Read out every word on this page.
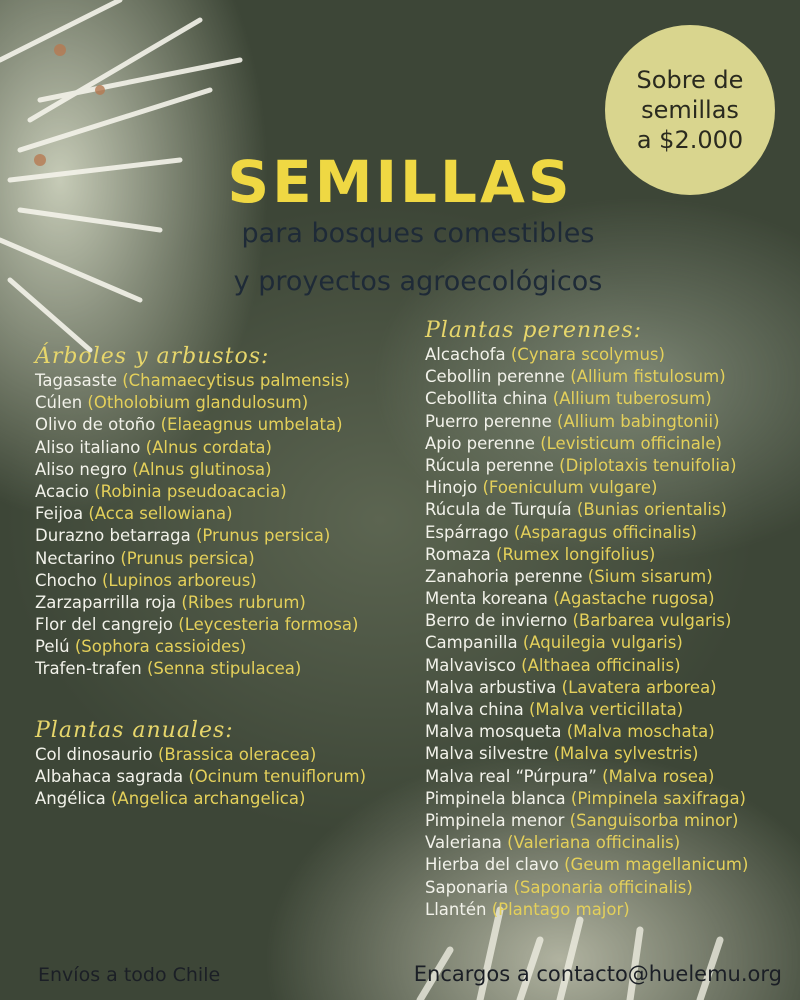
Sobre de
semillas
a $2.000
SEMILLAS
para bosques comestibles
y proyectos agroecológicos
Árboles y arbustos:
Tagasaste (Chamaecytisus palmensis)
Cúlen (Otholobium glandulosum)
Olivo de otoño (Elaeagnus umbelata)
Aliso italiano (Alnus cordata)
Aliso negro (Alnus glutinosa)
Acacio (Robinia pseudoacacia)
Feijoa (Acca sellowiana)
Durazno betarraga (Prunus persica)
Nectarino (Prunus persica)
Chocho (Lupinos arboreus)
Zarzaparrilla roja (Ribes rubrum)
Flor del cangrejo (Leycesteria formosa)
Pelú (Sophora cassioides)
Trafen-trafen (Senna stipulacea)
Plantas anuales:
Col dinosaurio (Brassica oleracea)
Albahaca sagrada (Ocinum tenuiflorum)
Angélica (Angelica archangelica)
Plantas perennes:
Alcachofa (Cynara scolymus)
Cebollin perenne (Allium fistulosum)
Cebollita china (Allium tuberosum)
Puerro perenne (Allium babingtonii)
Apio perenne (Levisticum officinale)
Rúcula perenne (Diplotaxis tenuifolia)
Hinojo (Foeniculum vulgare)
Rúcula de Turquía (Bunias orientalis)
Espárrago (Asparagus officinalis)
Romaza (Rumex longifolius)
Zanahoria perenne (Sium sisarum)
Menta koreana (Agastache rugosa)
Berro de invierno (Barbarea vulgaris)
Campanilla (Aquilegia vulgaris)
Malvavisco (Althaea officinalis)
Malva arbustiva (Lavatera arborea)
Malva china (Malva verticillata)
Malva mosqueta (Malva moschata)
Malva silvestre (Malva sylvestris)
Malva real “Púrpura” (Malva rosea)
Pimpinela blanca (Pimpinela saxifraga)
Pimpinela menor (Sanguisorba minor)
Valeriana (Valeriana officinalis)
Hierba del clavo (Geum magellanicum)
Saponaria (Saponaria officinalis)
Llantén (Plantago major)
Envíos a todo Chile	Encargos a contacto@huelemu.org
